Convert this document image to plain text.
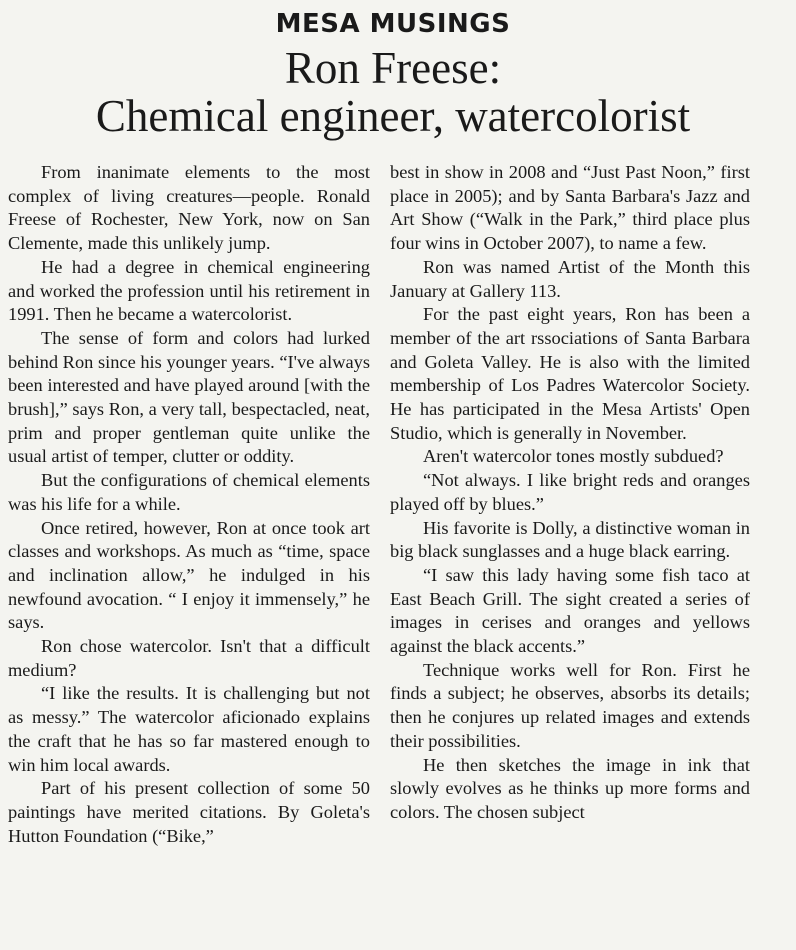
MESA MUSINGS
Ron Freese:
Chemical engineer, watercolorist

From inanimate elements to the most complex of living creatures—people. Ronald Freese of Rochester, New York, now on San Clemente, made this unlikely jump.

He had a degree in chemical engineering and worked the profession until his retirement in 1991. Then he became a watercolorist.

The sense of form and colors had lurked behind Ron since his younger years. “I've always been interested and have played around [with the brush],” says Ron, a very tall, bespectacled, neat, prim and proper gentleman quite unlike the usual artist of temper, clutter or oddity.

But the configurations of chemical elements was his life for a while.

Once retired, however, Ron at once took art classes and workshops. As much as “time, space and inclination allow,” he indulged in his newfound avocation. “ I enjoy it immensely,” he says.

Ron chose watercolor. Isn't that a difficult medium?

“I like the results. It is challenging but not as messy.” The watercolor aficionado explains the craft that he has so far mastered enough to win him local awards.

Part of his present collection of some 50 paintings have merited citations. By Goleta's Hutton Foundation (“Bike,”

best in show in 2008 and “Just Past Noon,” first place in 2005); and by Santa Barbara's Jazz and Art Show (“Walk in the Park,” third place plus four wins in October 2007), to name a few.

Ron was named Artist of the Month this January at Gallery 113.

For the past eight years, Ron has been a member of the art rssociations of Santa Barbara and Goleta Valley. He is also with the limited membership of Los Padres Watercolor Society. He has participated in the Mesa Artists' Open Studio, which is generally in November.

Aren't watercolor tones mostly subdued?

“Not always. I like bright reds and oranges played off by blues.”

His favorite is Dolly, a distinctive woman in big black sunglasses and a huge black earring.

“I saw this lady having some fish taco at East Beach Grill. The sight created a series of images in cerises and oranges and yellows against the black accents.”

Technique works well for Ron. First he finds a subject; he observes, absorbs its details; then he conjures up related images and extends their possibilities.

He then sketches the image in ink that slowly evolves as he thinks up more forms and colors. The chosen subject
